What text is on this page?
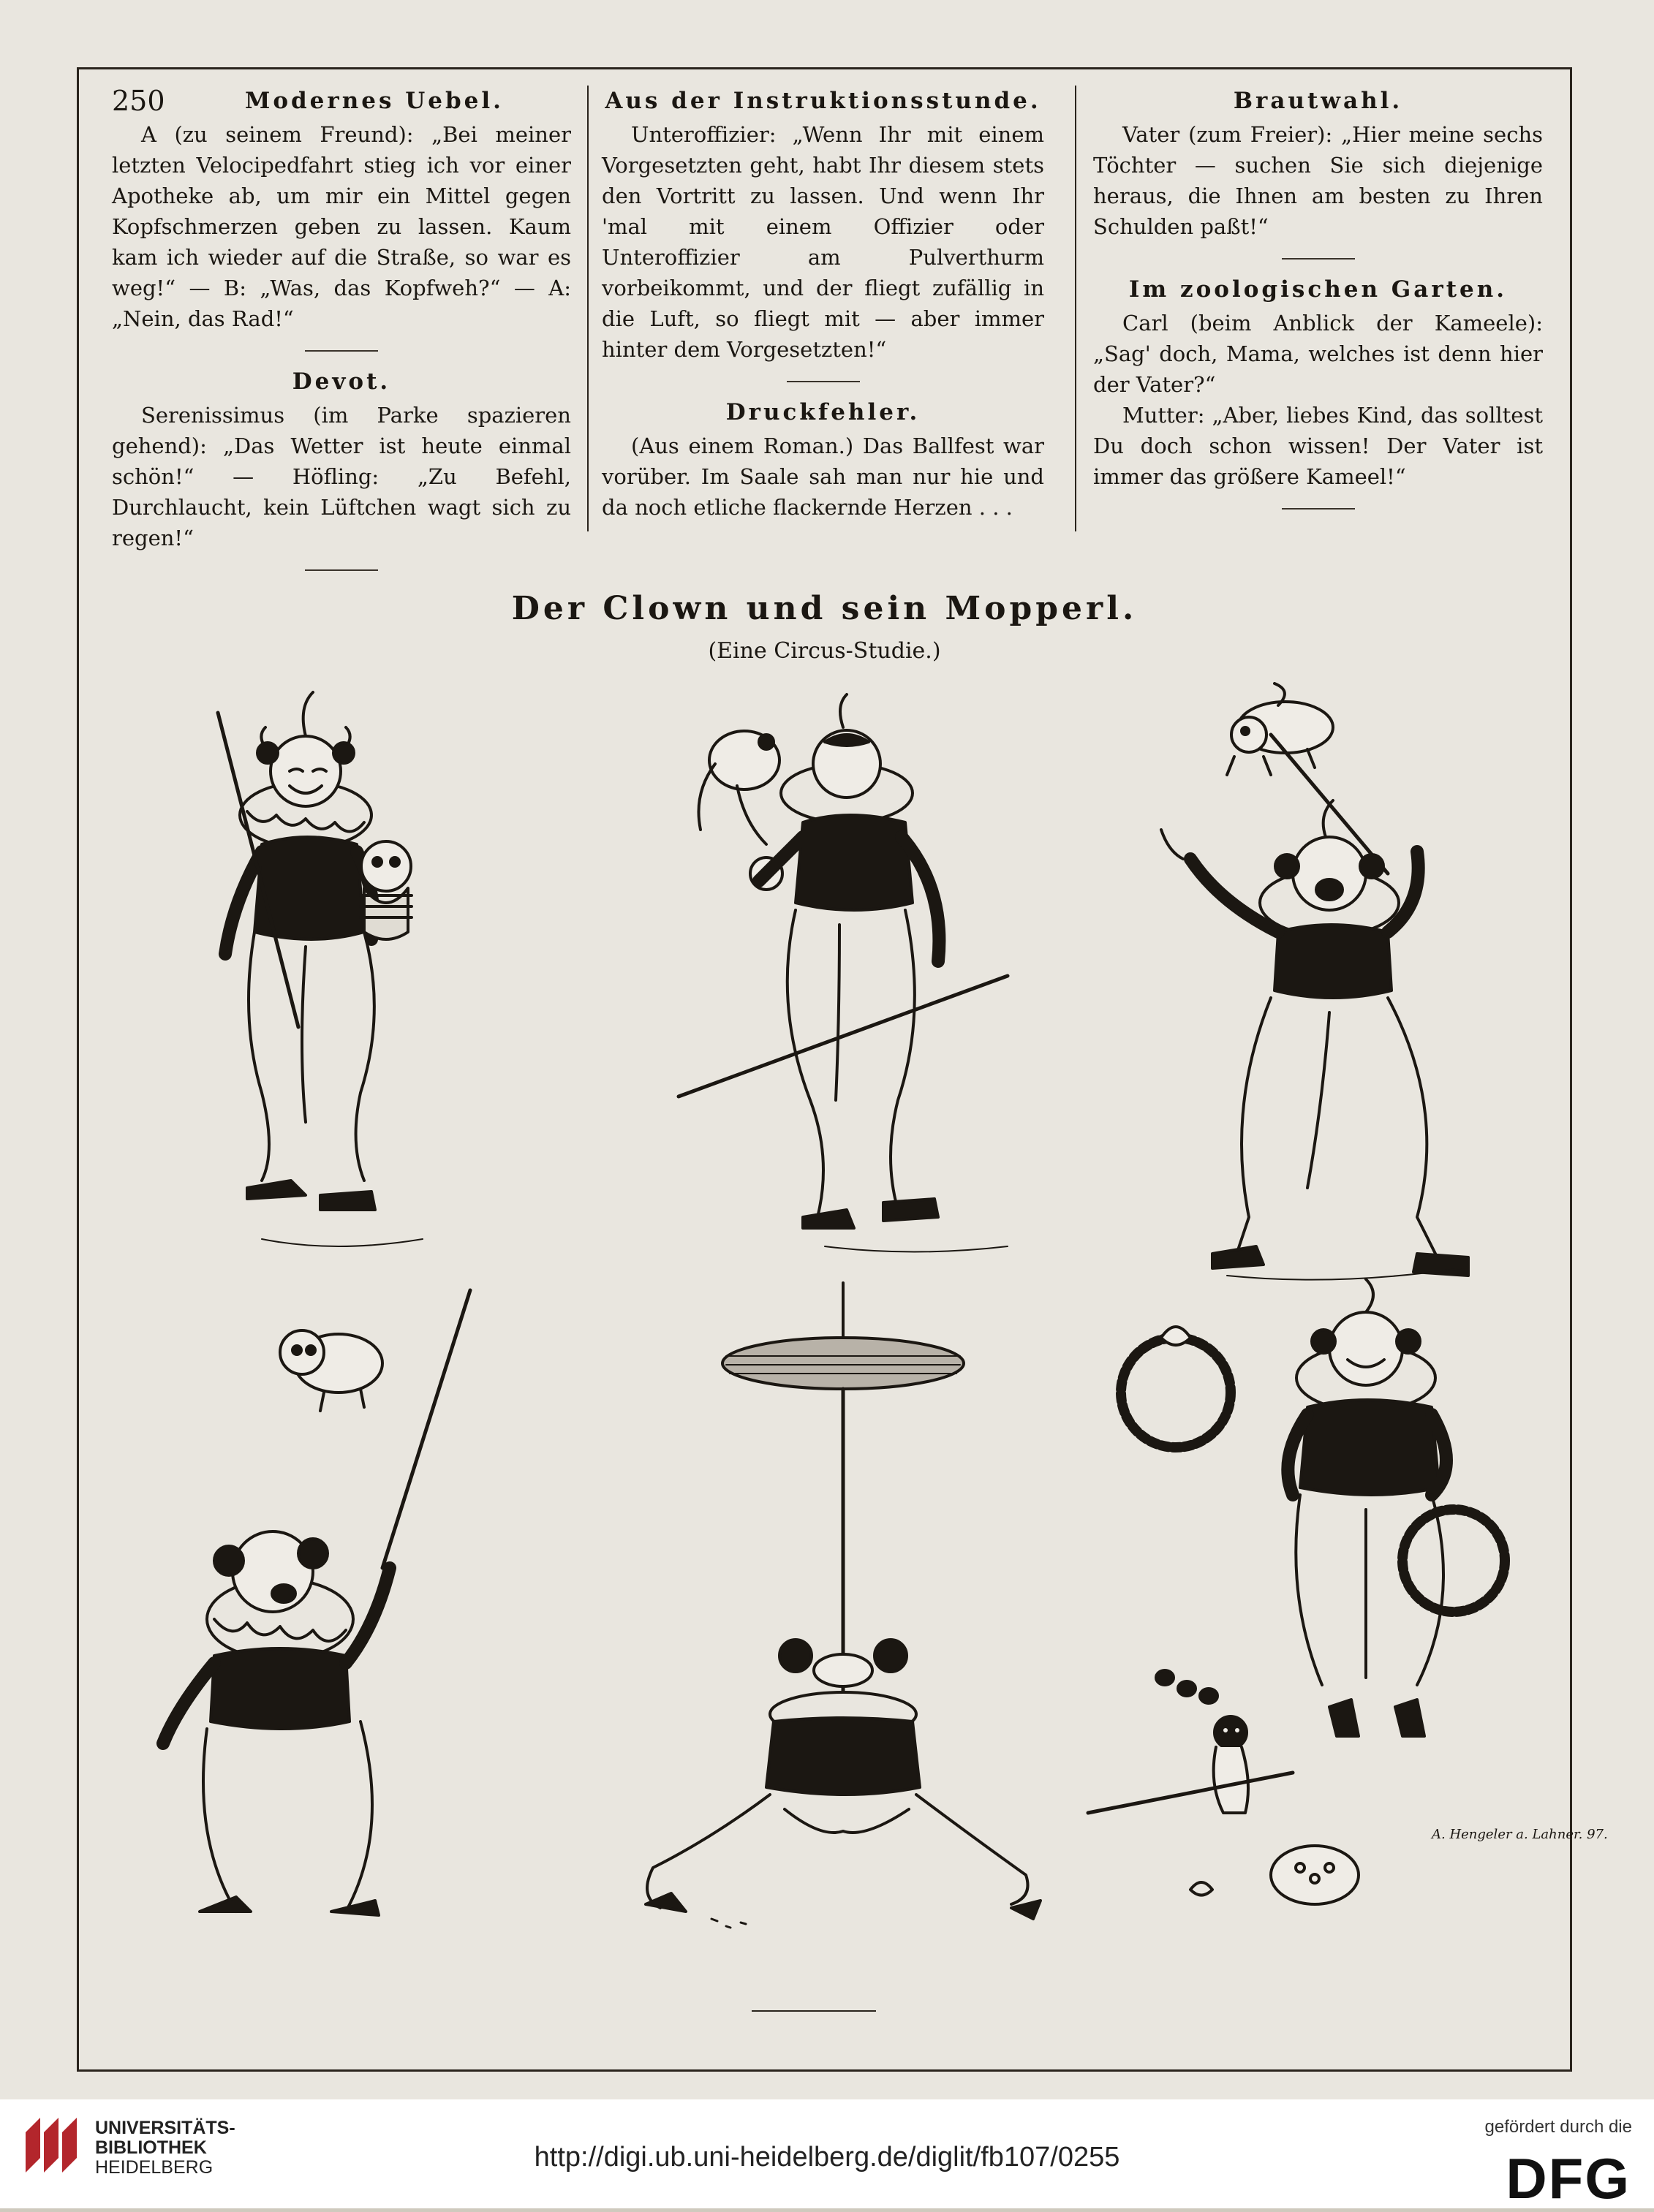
250	Modernes Uebel.

A (zu seinem Freund): „Bei meiner letzten Velocipedfahrt stieg ich vor einer Apotheke ab, um mir ein Mittel gegen Kopfschmerzen geben zu lassen. Kaum kam ich wieder auf die Straße, so war es weg!“ — B: „Was, das Kopfweh?“ — A: „Nein, das Rad!“

Devot.

Serenissimus (im Parke spazieren gehend): „Das Wetter ist heute einmal schön!“ — Höfling: „Zu Befehl, Durchlaucht, kein Lüftchen wagt sich zu regen!“

Aus der Instruktionsstunde.

Unteroffizier: „Wenn Ihr mit einem Vorgesetzten geht, habt Ihr diesem stets den Vortritt zu lassen. Und wenn Ihr 'mal mit einem Offizier oder Unteroffizier am Pulverthurm vorbeikommt, und der fliegt zufällig in die Luft, so fliegt mit — aber immer hinter dem Vorgesetzten!“

Druckfehler.

(Aus einem Roman.) Das Ballfest war vorüber. Im Saale sah man nur hie und da noch etliche flackernde Herzen . . .

Brautwahl.

Vater (zum Freier): „Hier meine sechs Töchter — suchen Sie sich diejenige heraus, die Ihnen am besten zu Ihren Schulden paßt!“

Im zoologischen Garten.

Carl (beim Anblick der Kameele): „Sag' doch, Mama, welches ist denn hier der Vater?“

Mutter: „Aber, liebes Kind, das solltest Du doch schon wissen! Der Vater ist immer das größere Kameel!“

Der Clown und sein Mopperl.
(Eine Circus-Studie.)
A. Hengeler a. Lahner. 97.
UNIVERSITÄTS-
BIBLIOTHEK
HEIDELBERG	http://digi.ub.uni-heidelberg.de/diglit/fb107/0255
gefördert durch die
DFG
